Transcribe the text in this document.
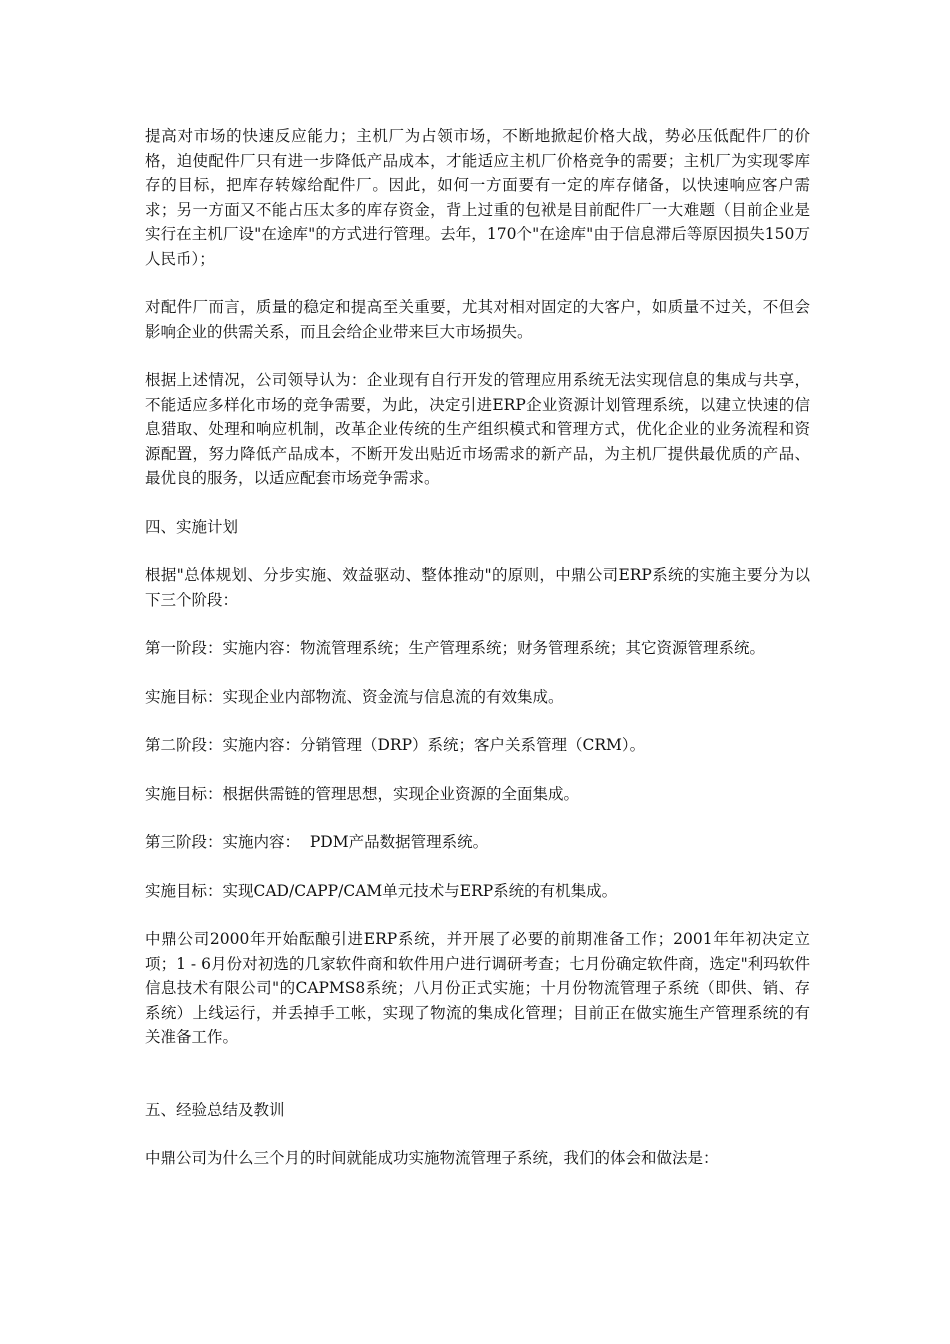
提高对市场的快速反应能力；主机厂为占领市场，不断地掀起价格大战，势必压低配件厂的价格，迫使配件厂只有进一步降低产品成本，才能适应主机厂价格竞争的需要；主机厂为实现零库存的目标，把库存转嫁给配件厂。因此，如何一方面要有一定的库存储备，以快速响应客户需求；另一方面又不能占压太多的库存资金，背上过重的包袱是目前配件厂一大难题（目前企业是实行在主机厂设"在途库"的方式进行管理。去年，170个"在途库"由于信息滞后等原因损失150万人民币）；

对配件厂而言，质量的稳定和提高至关重要，尤其对相对固定的大客户，如质量不过关，不但会影响企业的供需关系，而且会给企业带来巨大市场损失。

根据上述情况，公司领导认为：企业现有自行开发的管理应用系统无法实现信息的集成与共享，不能适应多样化市场的竞争需要，为此，决定引进ERP企业资源计划管理系统，以建立快速的信息猎取、处理和响应机制，改革企业传统的生产组织模式和管理方式，优化企业的业务流程和资源配置，努力降低产品成本，不断开发出贴近市场需求的新产品，为主机厂提供最优质的产品、最优良的服务，以适应配套市场竞争需求。

四、实施计划

根据"总体规划、分步实施、效益驱动、整体推动"的原则，中鼎公司ERP系统的实施主要分为以下三个阶段：

第一阶段：实施内容：物流管理系统；生产管理系统；财务管理系统；其它资源管理系统。

实施目标：实现企业内部物流、资金流与信息流的有效集成。

第二阶段：实施内容：分销管理（DRP）系统；客户关系管理（CRM）。

实施目标：根据供需链的管理思想，实现企业资源的全面集成。

第三阶段：实施内容：  PDM产品数据管理系统。

实施目标：实现CAD/CAPP/CAM单元技术与ERP系统的有机集成。

中鼎公司2000年开始酝酿引进ERP系统，并开展了必要的前期准备工作；2001年年初决定立项；1 - 6月份对初选的几家软件商和软件用户进行调研考查；七月份确定软件商，选定"利玛软件信息技术有限公司"的CAPMS8系统；八月份正式实施；十月份物流管理子系统（即供、销、存系统）上线运行，并丢掉手工帐，实现了物流的集成化管理；目前正在做实施生产管理系统的有关准备工作。

五、经验总结及教训

中鼎公司为什么三个月的时间就能成功实施物流管理子系统，我们的体会和做法是：
